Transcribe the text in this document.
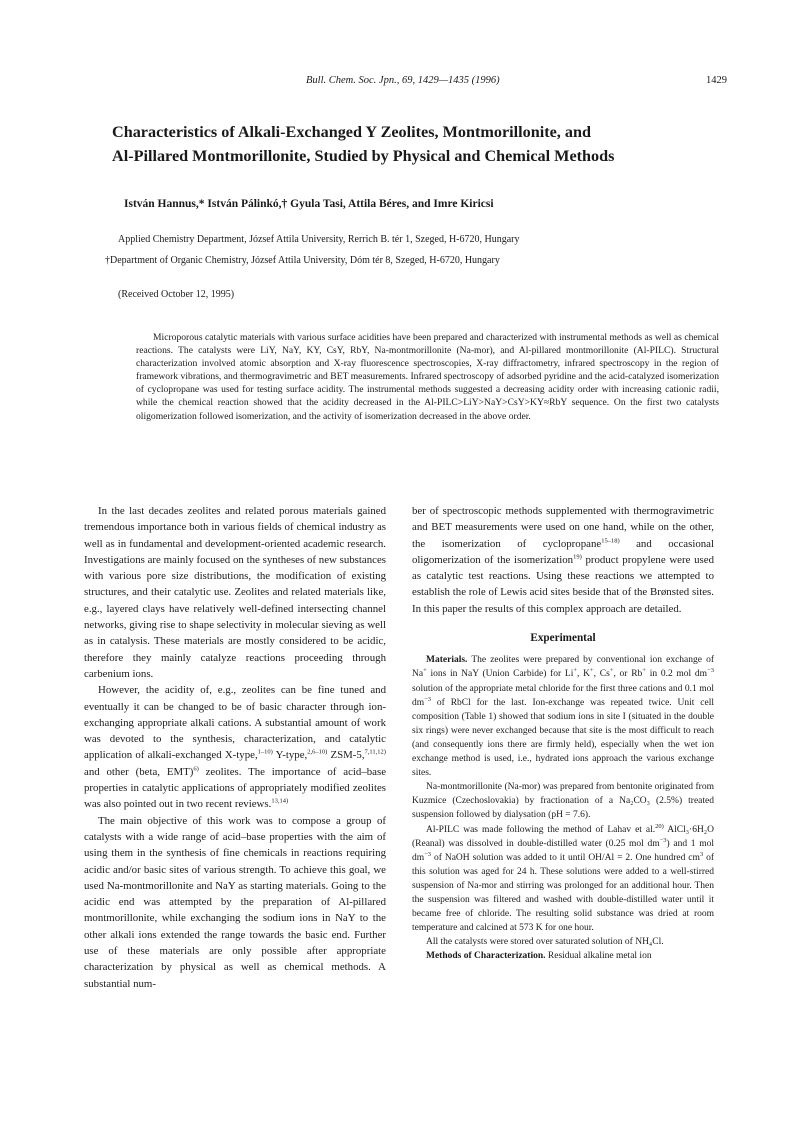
Bull. Chem. Soc. Jpn., 69, 1429—1435 (1996)	1429
Characteristics of Alkali-Exchanged Y Zeolites, Montmorillonite, and
Al-Pillared Montmorillonite, Studied by Physical and Chemical Methods
István Hannus,* István Pálinkó,† Gyula Tasi, Attila Béres, and Imre Kiricsi
Applied Chemistry Department, József Attila University, Rerrich B. tér 1, Szeged, H-6720, Hungary
†Department of Organic Chemistry, József Attila University, Dóm tér 8, Szeged, H-6720, Hungary
(Received October 12, 1995)

Microporous catalytic materials with various surface acidities have been prepared and characterized with instrumental methods as well as chemical reactions. The catalysts were LiY, NaY, KY, CsY, RbY, Na-montmorillonite (Na-mor), and Al-pillared montmorillonite (Al-PILC). Structural characterization involved atomic absorption and X-ray fluorescence spectroscopies, X-ray diffractometry, infrared spectroscopy in the region of framework vibrations, and thermogravimetric and BET measurements. Infrared spectroscopy of adsorbed pyridine and the acid-catalyzed isomerization of cyclopropane was used for testing surface acidity. The instrumental methods suggested a decreasing acidity order with increasing cationic radii, while the chemical reaction showed that the acidity decreased in the Al-PILC>LiY>NaY>CsY>KY≈RbY sequence. On the first two catalysts oligomerization followed isomerization, and the activity of isomerization decreased in the above order.

In the last decades zeolites and related porous materials gained tremendous importance both in various fields of chemical industry as well as in fundamental and development-oriented academic research. Investigations are mainly focused on the syntheses of new substances with various pore size distributions, the modification of existing structures, and their catalytic use. Zeolites and related materials like, e.g., layered clays have relatively well-defined intersecting channel networks, giving rise to shape selectivity in molecular sieving as well as in catalysis. These materials are mostly considered to be acidic, therefore they mainly catalyze reactions proceeding through carbenium ions.

However, the acidity of, e.g., zeolites can be fine tuned and eventually it can be changed to be of basic character through ion-exchanging appropriate alkali cations. A substantial amount of work was devoted to the synthesis, characterization, and catalytic application of alkali-exchanged X-type,$^{1-10)}$ Y-type,$^{2,6-10)}$ ZSM-5,$^{7,11,12)}$ and other (beta, EMT)$^{6)}$ zeolites. The importance of acid–base properties in catalytic applications of appropriately modified zeolites was also pointed out in two recent reviews.$^{13,14)}$

The main objective of this work was to compose a group of catalysts with a wide range of acid–base properties with the aim of using them in the synthesis of fine chemicals in reactions requiring acidic and/or basic sites of various strength. To achieve this goal, we used Na-montmorillonite and NaY as starting materials. Going to the acidic end was attempted by the preparation of Al-pillared montmorillonite, while exchanging the sodium ions in NaY to the other alkali ions extended the range towards the basic end. Further use of these materials are only possible after appropriate characterization by physical as well as chemical methods. A substantial num-

ber of spectroscopic methods supplemented with thermogravimetric and BET measurements were used on one hand, while on the other, the isomerization of cyclopropane$^{15-18)}$ and occasional oligomerization of the isomerization$^{19)}$ product propylene were used as catalytic test reactions. Using these reactions we attempted to establish the role of Lewis acid sites beside that of the Brønsted sites. In this paper the results of this complex approach are detailed.

Experimental

Materials. The zeolites were prepared by conventional ion exchange of Na+ ions in NaY (Union Carbide) for Li+, K+, Cs+, or Rb+ in 0.2 mol $dm^{-3}$ solution of the appropriate metal chloride for the first three cations and 0.1 mol $dm^{-3}$ of RbCl for the last. Ion-exchange was repeated twice. Unit cell composition (Table 1) showed that sodium ions in site I (situated in the double six rings) were never exchanged because that site is the most difficult to reach (and consequently ions there are firmly held), especially when the wet ion exchange method is used, i.e., hydrated ions approach the various exchange sites.

Na-montmorillonite (Na-mor) was prepared from bentonite originated from Kuzmice (Czechoslovakia) by fractionation of a Na₂CO₃ (2.5%) treated suspension followed by dialysation (pH = 7.6).

Al-PILC was made following the method of Lahav et al.$^{20)}$ AlCl₃·6H₂O (Reanal) was dissolved in double-distilled water (0.25 mol $dm^{-3}$) and 1 mol $dm^{-3}$ of NaOH solution was added to it until OH/Al = 2. One hundred $cm^3$ of this solution was aged for 24 h. These solutions were added to a well-stirred suspension of Na-mor and stirring was prolonged for an additional hour. Then the suspension was filtered and washed with double-distilled water until it became free of chloride. The resulting solid substance was dried at room temperature and calcined at 573 K for one hour.

All the catalysts were stored over saturated solution of NH₄Cl.

Methods of Characterization. Residual alkaline metal ion
